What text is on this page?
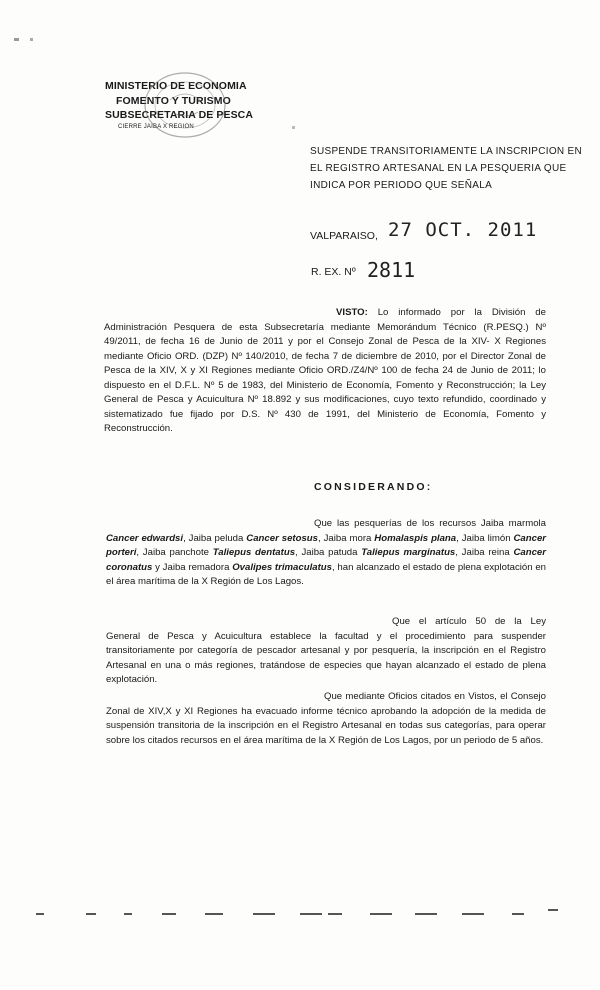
MINISTERIO DE ECONOMIA
FOMENTO Y TURISMO
SUBSECRETARIA DE PESCA
CIERRE JAIBA X REGION
SUSPENDE TRANSITORIAMENTE LA INSCRIPCION EN
EL REGISTRO ARTESANAL EN LA PESQUERIA QUE
INDICA POR PERIODO QUE SEÑALA
VALPARAISO, 27 OCT. 2011
R. EX. Nº 2811

VISTO: Lo informado por la División de Administración Pesquera de esta Subsecretaría mediante Memorándum Técnico (R.PESQ.) Nº 49/2011, de fecha 16 de Junio de 2011 y por el Consejo Zonal de Pesca de la XIV- X Regiones mediante Oficio ORD. (DZP) Nº 140/2010, de fecha 7 de diciembre de 2010, por el Director Zonal de Pesca de la XIV, X y XI Regiones mediante Oficio ORD./Z4/Nº 100 de fecha 24 de Junio de 2011; lo dispuesto en el D.F.L. Nº 5 de 1983, del Ministerio de Economía, Fomento y Reconstrucción; la Ley General de Pesca y Acuicultura Nº 18.892 y sus modificaciones, cuyo texto refundido, coordinado y sistematizado fue fijado por D.S. Nº 430 de 1991, del Ministerio de Economía, Fomento y Reconstrucción.

CONSIDERANDO:

Que las pesquerías de los recursos Jaiba marmola Cancer edwardsi, Jaiba peluda Cancer setosus, Jaiba mora Homalaspis plana, Jaiba limón Cancer porteri, Jaiba panchote Taliepus dentatus, Jaiba patuda Taliepus marginatus, Jaiba reina Cancer coronatus y Jaiba remadora Ovalipes trimaculatus, han alcanzado el estado de plena explotación en el área marítima de la X Región de Los Lagos.

Que el artículo 50 de la Ley General de Pesca y Acuicultura establece la facultad y el procedimiento para suspender transitoriamente por categoría de pescador artesanal y por pesquería, la inscripción en el Registro Artesanal en una o más regiones, tratándose de especies que hayan alcanzado el estado de plena explotación.

Que mediante Oficios citados en Vistos, el Consejo Zonal de XIV,X y XI Regiones ha evacuado informe técnico aprobando la adopción de la medida de suspensión transitoria de la inscripción en el Registro Artesanal en todas sus categorías, para operar sobre los citados recursos en el área marítima de la X Región de Los Lagos, por un periodo de 5 años.
